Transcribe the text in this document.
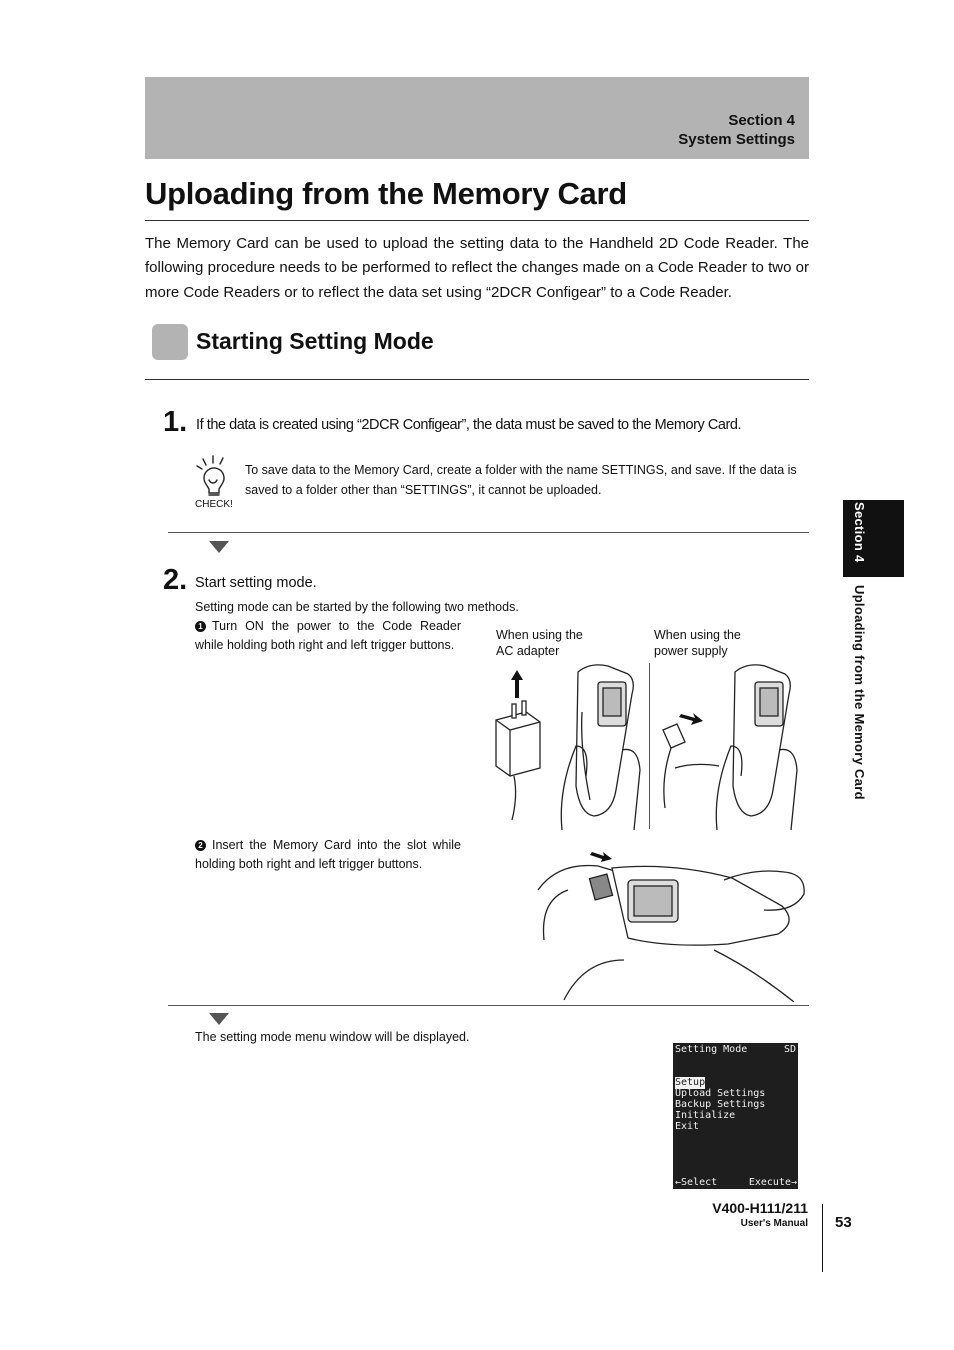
Section 4
System Settings
Uploading from the Memory Card

The Memory Card can be used to upload the setting data to the Handheld 2D Code Reader. The following procedure needs to be performed to reflect the changes made on a Code Reader to two or more Code Readers or to reflect the data set using “2DCR Configear” to a Code Reader.

Starting Setting Mode
1. If the data is created using “2DCR Configear”, the data must be saved to the Memory Card.
CHECK!
To save data to the Memory Card, create a folder with the name SETTINGS, and save. If the data is saved to a folder other than “SETTINGS”, it cannot be uploaded.
2. Start setting mode.
Setting mode can be started by the following two methods.
1 Turn ON the power to the Code Reader while holding both right and left trigger buttons.
When using the
AC adapter
When using the
power supply
2 Insert the Memory Card into the slot while holding both right and left trigger buttons.
The setting mode menu window will be displayed.
Setting Mode	SD
Setup
Upload Settings
Backup Settings
Initialize
Exit
←Select	Execute→
Section 4
Uploading from the Memory Card
V400-H111/211
User's Manual 53
